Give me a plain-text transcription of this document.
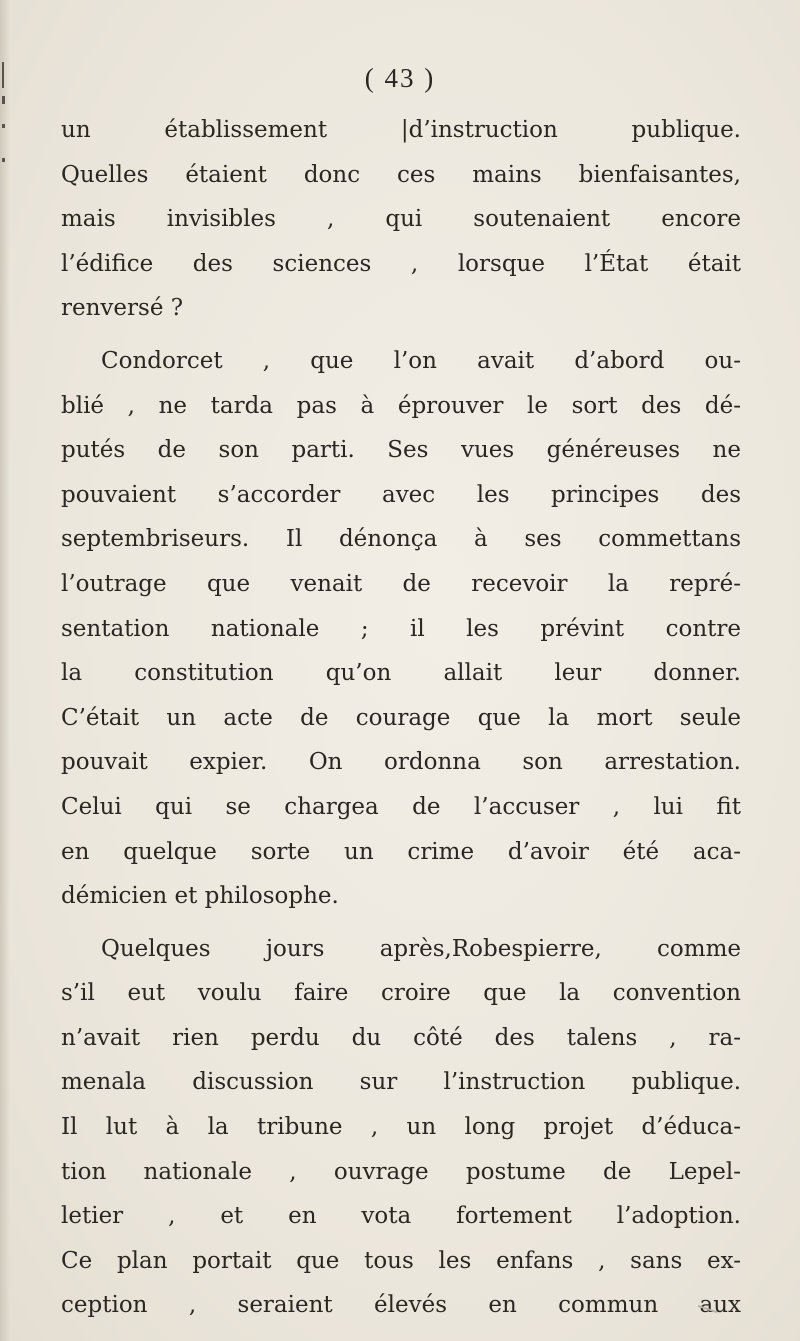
( 43 )
un établissement |d’instruction publique.
Quelles étaient donc ces mains bienfaisantes,
mais invisibles , qui soutenaient encore
l’édifice des sciences , lorsque l’État était
renversé ?
Condorcet , que l’on avait d’abord ou-
blié , ne tarda pas à éprouver le sort des dé-
putés de son parti. Ses vues généreuses ne
pouvaient s’accorder avec les principes des
septembriseurs. Il dénonça à ses commettans
l’outrage que venait de recevoir la repré-
sentation nationale ; il les prévint contre
la constitution qu’on allait leur donner.
C’était un acte de courage que la mort seule
pouvait expier. On ordonna son arrestation.
Celui qui se chargea de l’accuser , lui fit
en quelque sorte un crime d’avoir été aca-
démicien et philosophe.
Quelques jours après,Robespierre, comme
s’il eut voulu faire croire que la convention
n’avait rien perdu du côté des talens , ra-
menala discussion sur l’instruction publique.
Il lut à la tribune , un long projet d’éduca-
tion nationale , ouvrage postume de Lepel-
letier , et en vota fortement l’adoption.
Ce plan portait que tous les enfans , sans ex-
ception , seraient élevés en commun aux
